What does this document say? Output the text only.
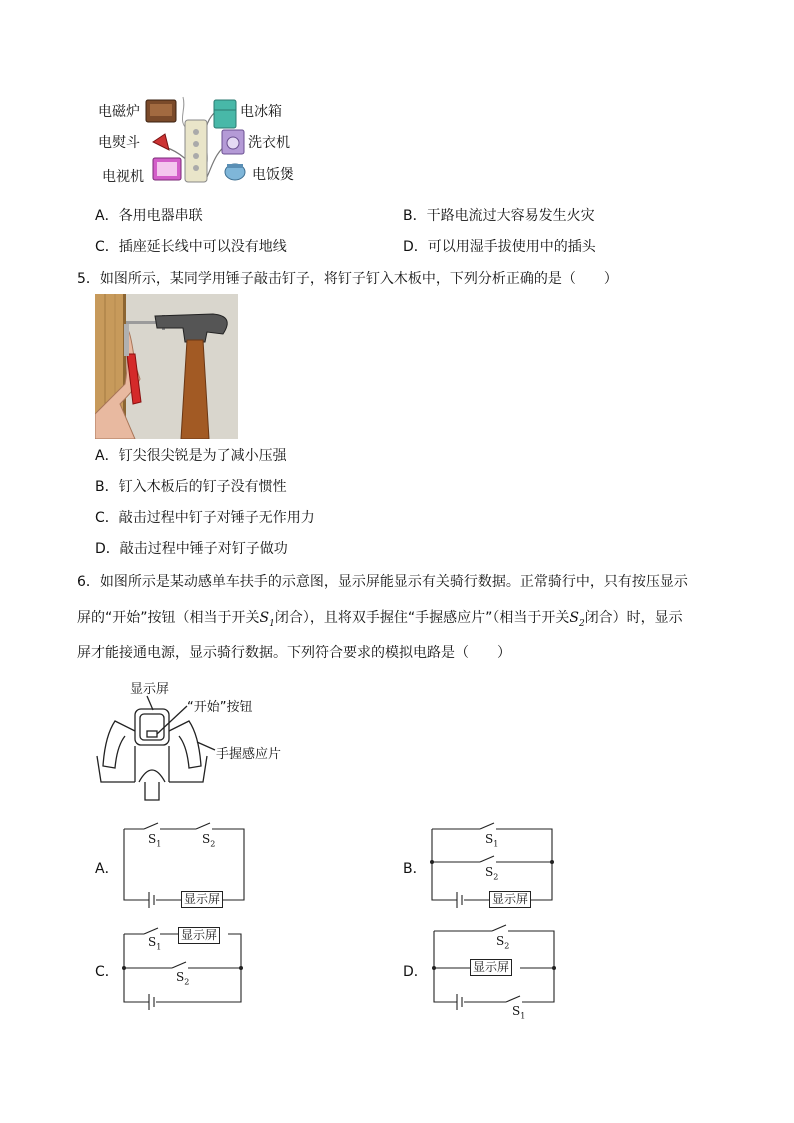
电磁炉	电冰箱
电熨斗	洗衣机
电视机	电饭煲
A．各用电器串联	B．干路电流过大容易发生火灾
C．插座延长线中可以没有地线	D．可以用湿手拔使用中的插头
5．如图所示，某同学用锤子敲击钉子，将钉子钉入木板中，下列分析正确的是（　　）
A．钉尖很尖锐是为了减小压强
B．钉入木板后的钉子没有惯性
C．敲击过程中钉子对锤子无作用力
D．敲击过程中锤子对钉子做功
6．如图所示是某动感单车扶手的示意图，显示屏能显示有关骑行数据。正常骑行中，只有按压显示
屏的“开始”按钮（相当于开关$S_1$闭合），且将双手握住“手握感应片”（相当于开关$S_2$闭合）时，显示
屏才能接通电源，显示骑行数据。下列符合要求的模拟电路是（　　）
显示屏
“开始”按钮
手握感应片
A．	B．
C．	D．
显示屏
$S_1$	$S_2$
显示屏
$S_1$
$S_2$
显示屏
$S_1$
$S_2$
显示屏
$S_2$
$S_1$
